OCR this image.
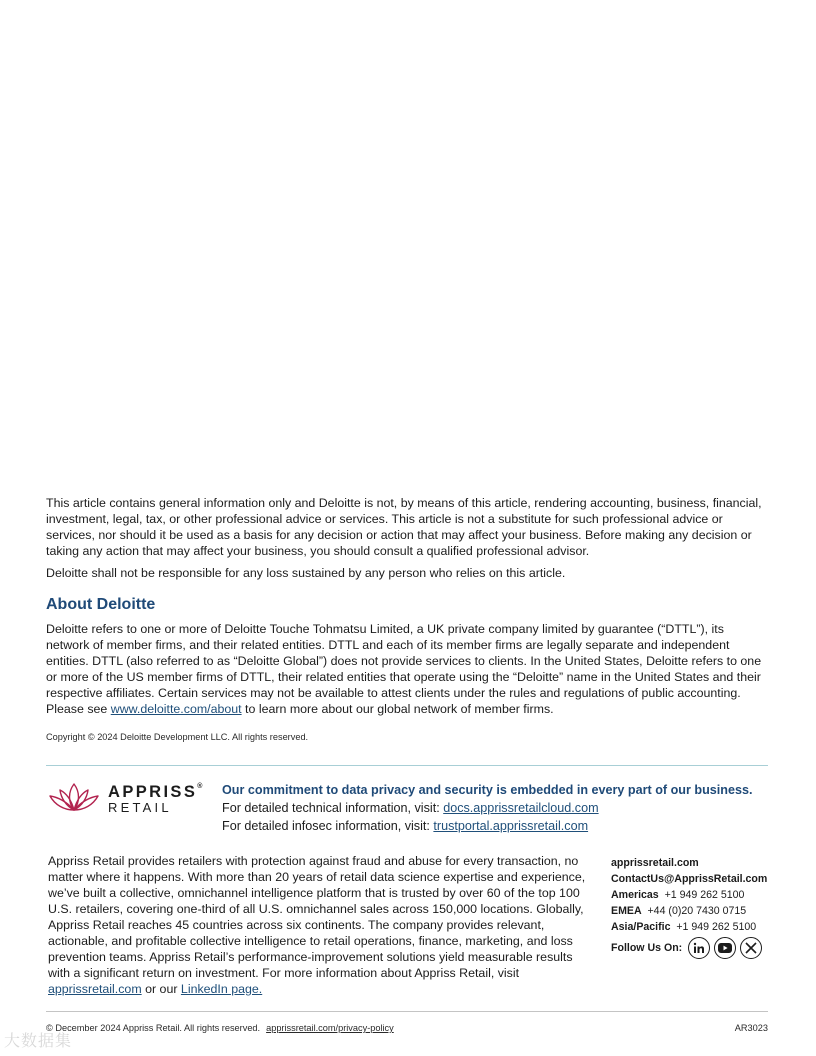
This article contains general information only and Deloitte is not, by means of this article, rendering accounting, business, financial, investment, legal, tax, or other professional advice or services. This article is not a substitute for such professional advice or services, nor should it be used as a basis for any decision or action that may affect your business. Before making any decision or taking any action that may affect your business, you should consult a qualified professional advisor.

Deloitte shall not be responsible for any loss sustained by any person who relies on this article.

About Deloitte

Deloitte refers to one or more of Deloitte Touche Tohmatsu Limited, a UK private company limited by guarantee (“DTTL”), its network of member firms, and their related entities. DTTL and each of its member firms are legally separate and independent entities. DTTL (also referred to as “Deloitte Global”) does not provide services to clients. In the United States, Deloitte refers to one or more of the US member firms of DTTL, their related entities that operate using the “Deloitte” name in the United States and their respective affiliates. Certain services may not be available to attest clients under the rules and regulations of public accounting. Please see www.deloitte.com/about to learn more about our global network of member firms.

Copyright © 2024 Deloitte Development LLC. All rights reserved.
APPRISS®
RETAIL
Our commitment to data privacy and security is embedded in every part of our business.
For detailed technical information, visit: docs.apprissretailcloud.com
For detailed infosec information, visit: trustportal.apprissretail.com

Appriss Retail provides retailers with protection against fraud and abuse for every transaction, no matter where it happens. With more than 20 years of retail data science expertise and experience, we’ve built a collective, omnichannel intelligence platform that is trusted by over 60 of the top 100 U.S. retailers, covering one-third of all U.S. omnichannel sales across 150,000 locations. Globally, Appriss Retail reaches 45 countries across six continents. The company provides relevant, actionable, and profitable collective intelligence to retail operations, finance, marketing, and loss prevention teams. Appriss Retail’s performance-improvement solutions yield measurable results with a significant return on investment. For more information about Appriss Retail, visit apprissretail.com or our LinkedIn page.

apprissretail.com
ContactUs@ApprissRetail.com
Americas +1 949 262 5100
EMEA +44 (0)20 7430 0715
Asia/Pacific +1 949 262 5100
Follow Us On:
© December 2024 Appriss Retail. All rights reserved. apprissretail.com/privacy-policy	AR3023
大数据集
